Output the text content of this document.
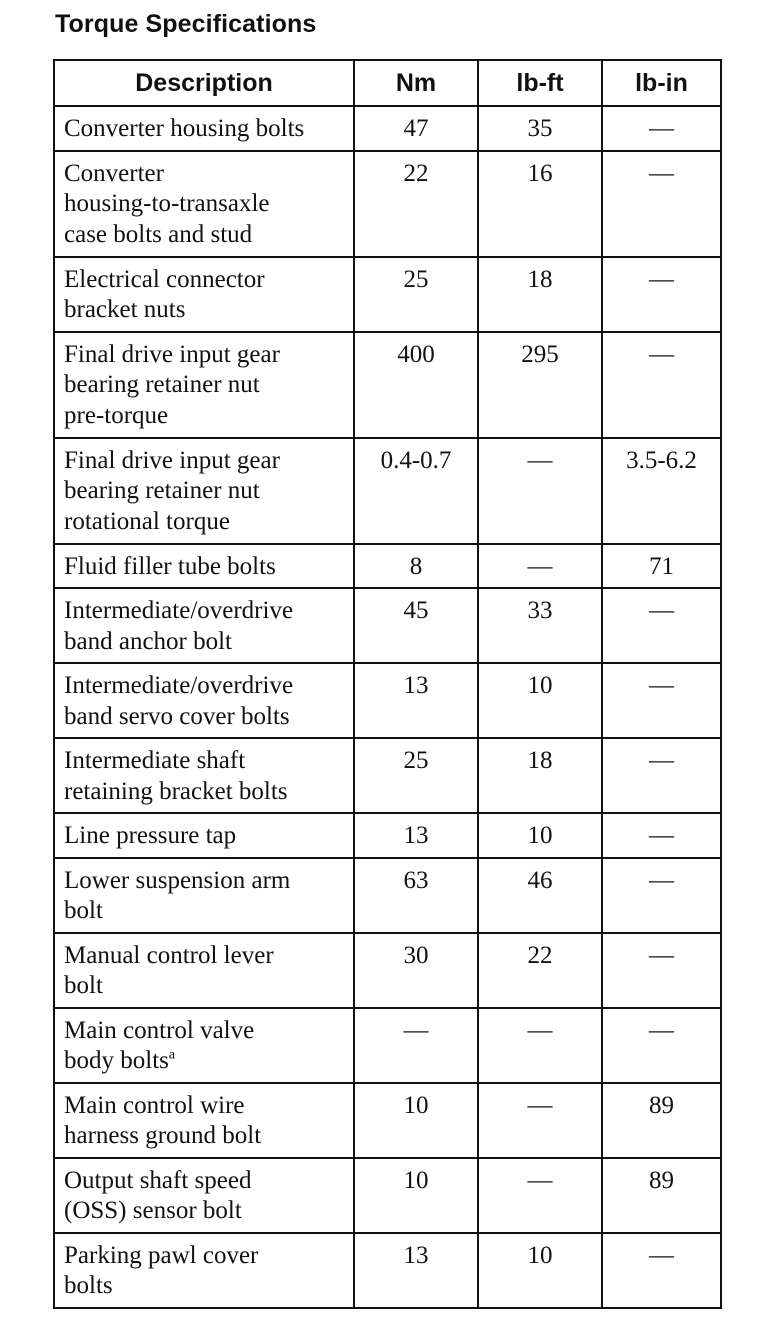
Torque Specifications
Description	Nm	lb-ft	lb-in
Converter housing bolts	47	35	—
Converter
housing-to-transaxle
case bolts and stud	22	16	—
Electrical connector
bracket nuts	25	18	—
Final drive input gear
bearing retainer nut
pre-torque	400	295	—
Final drive input gear
bearing retainer nut
rotational torque	0.4-0.7	—	3.5-6.2
Fluid filler tube bolts	8	—	71
Intermediate/overdrive
band anchor bolt	45	33	—
Intermediate/overdrive
band servo cover bolts	13	10	—
Intermediate shaft
retaining bracket bolts	25	18	—
Line pressure tap	13	10	—
Lower suspension arm
bolt	63	46	—
Manual control lever
bolt	30	22	—
Main control valve
body bolts$^a$	—	—	—
Main control wire
harness ground bolt	10	—	89
Output shaft speed
(OSS) sensor bolt	10	—	89
Parking pawl cover
bolts	13	10	—
